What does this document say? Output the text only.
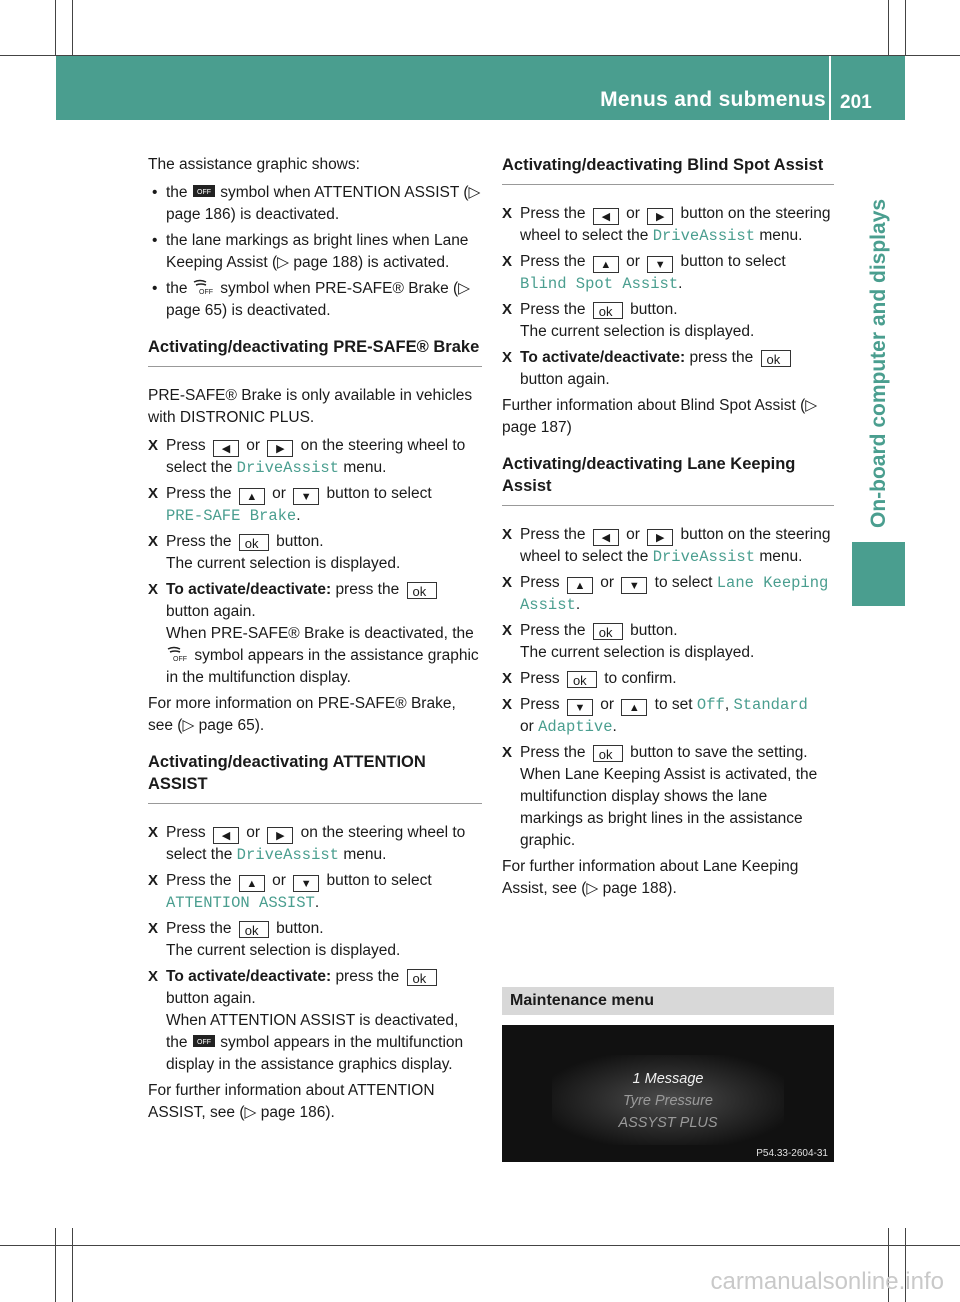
Menus and submenus 201
On-board computer and displays

The assistance graphic shows:

• the OFF symbol when ATTENTION ASSIST (▷ page 186) is deactivated.
• the lane markings as bright lines when Lane Keeping Assist (▷ page 188) is activated.
• the OFF symbol when PRE-SAFE® Brake (▷ page 65) is deactivated.
Activating/deactivating PRE-SAFE® Brake

PRE-SAFE® Brake is only available in vehicles with DISTRONIC PLUS.

X Press ◀ or ▶ on the steering wheel to select the DriveAssist menu.
X Press the ▲ or ▼ button to select
PRE-SAFE Brake.
X Press the ok button.
The current selection is displayed.
X To activate/deactivate: press the ok
button again.
When PRE-SAFE® Brake is deactivated, the
OFF symbol appears in the assistance graphic in the multifunction display.

For more information on PRE-SAFE® Brake, see (▷ page 65).

Activating/deactivating ATTENTION ASSIST
X Press ◀ or ▶ on the steering wheel to select the DriveAssist menu.
X Press the ▲ or ▼ button to select
ATTENTION ASSIST.
X Press the ok button.
The current selection is displayed.
X To activate/deactivate: press the ok
button again.
When ATTENTION ASSIST is deactivated, the OFF symbol appears in the multifunction display in the assistance graphics display.

For further information about ATTENTION ASSIST, see (▷ page 186).

Activating/deactivating Blind Spot Assist
X Press the ◀ or ▶ button on the steering wheel to select the DriveAssist menu.
X Press the ▲ or ▼ button to select
Blind Spot Assist.
X Press the ok button.
The current selection is displayed.
X To activate/deactivate: press the ok
button again.

Further information about Blind Spot Assist (▷ page 187)

Activating/deactivating Lane Keeping Assist
X Press the ◀ or ▶ button on the steering wheel to select the DriveAssist menu.
X Press ▲ or ▼ to select Lane Keeping Assist.
X Press the ok button.
The current selection is displayed.
X Press ok to confirm.
X Press ▼ or ▲ to set Off, Standard
or Adaptive.
X Press the ok button to save the setting.
When Lane Keeping Assist is activated, the multifunction display shows the lane markings as bright lines in the assistance graphic.

For further information about Lane Keeping Assist, see (▷ page 188).

Maintenance menu
1 Message
Tyre Pressure
ASSYST PLUS
P54.33-2604-31
carmanualsonline.info
